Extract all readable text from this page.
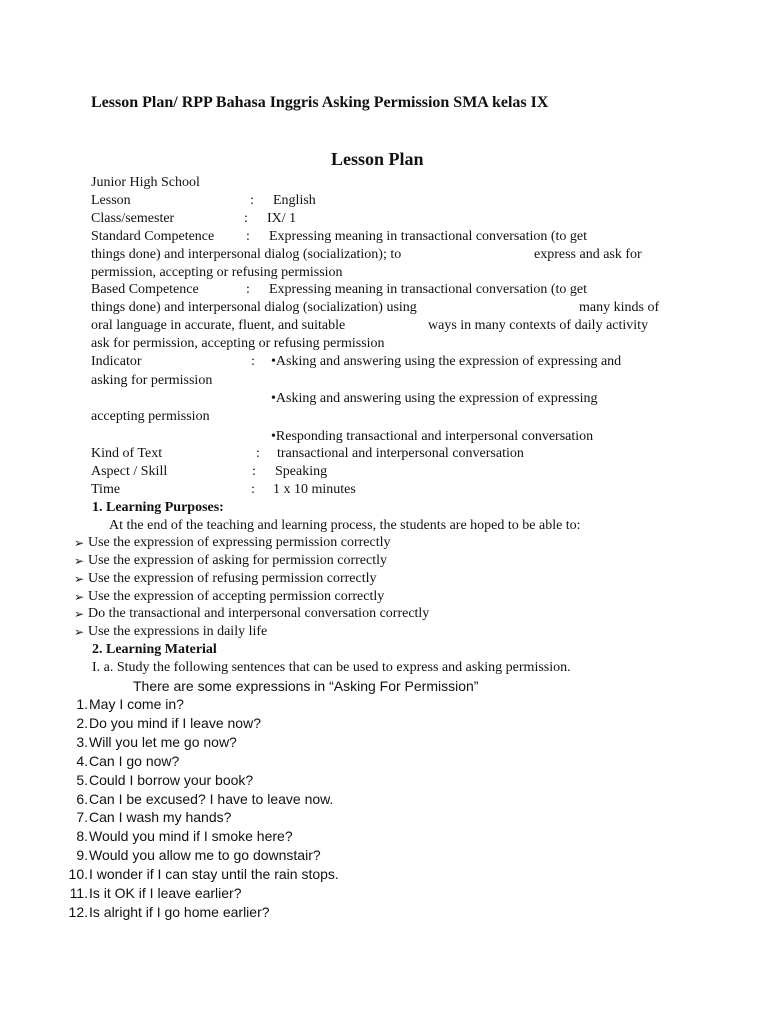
Lesson Plan/ RPP Bahasa Inggris Asking Permission SMA kelas IX
Lesson Plan
Junior High School
Lesson	: English
Class/semester	: IX/ 1
Standard Competence : Expressing meaning in transactional conversation (to get
things done) and interpersonal dialog (socialization); to	express and ask for
permission, accepting or refusing permission
Based Competence	: Expressing meaning in transactional conversation (to get
things done) and interpersonal dialog (socialization) using	many kinds of
oral language in accurate, fluent, and suitable	ways in many contexts of daily activity
ask for permission, accepting or refusing permission
Indicator	: •Asking and answering using the expression of expressing and
asking for permission
•Asking and answering using the expression of expressing
accepting permission
•Responding transactional and interpersonal conversation
Kind of Text	: transactional and interpersonal conversation
Aspect / Skill	: Speaking
Time	: 1 x 10 minutes
1. Learning Purposes:
At the end of the teaching and learning process, the students are hoped to be able to:
➢ Use the expression of expressing permission correctly
➢ Use the expression of asking for permission correctly
➢ Use the expression of refusing permission correctly
➢ Use the expression of accepting permission correctly
➢ Do the transactional and interpersonal conversation correctly
➢ Use the expressions in daily life
2. Learning Material
I. a. Study the following sentences that can be used to express and asking permission.
There are some expressions in “Asking For Permission”
1. May I come in?
2. Do you mind if I leave now?
3. Will you let me go now?
4. Can I go now?
5. Could I borrow your book?
6. Can I be excused? I have to leave now.
7. Can I wash my hands?
8. Would you mind if I smoke here?
9. Would you allow me to go downstair?
10. I wonder if I can stay until the rain stops.
11. Is it OK if I leave earlier?
12. Is alright if I go home earlier?
